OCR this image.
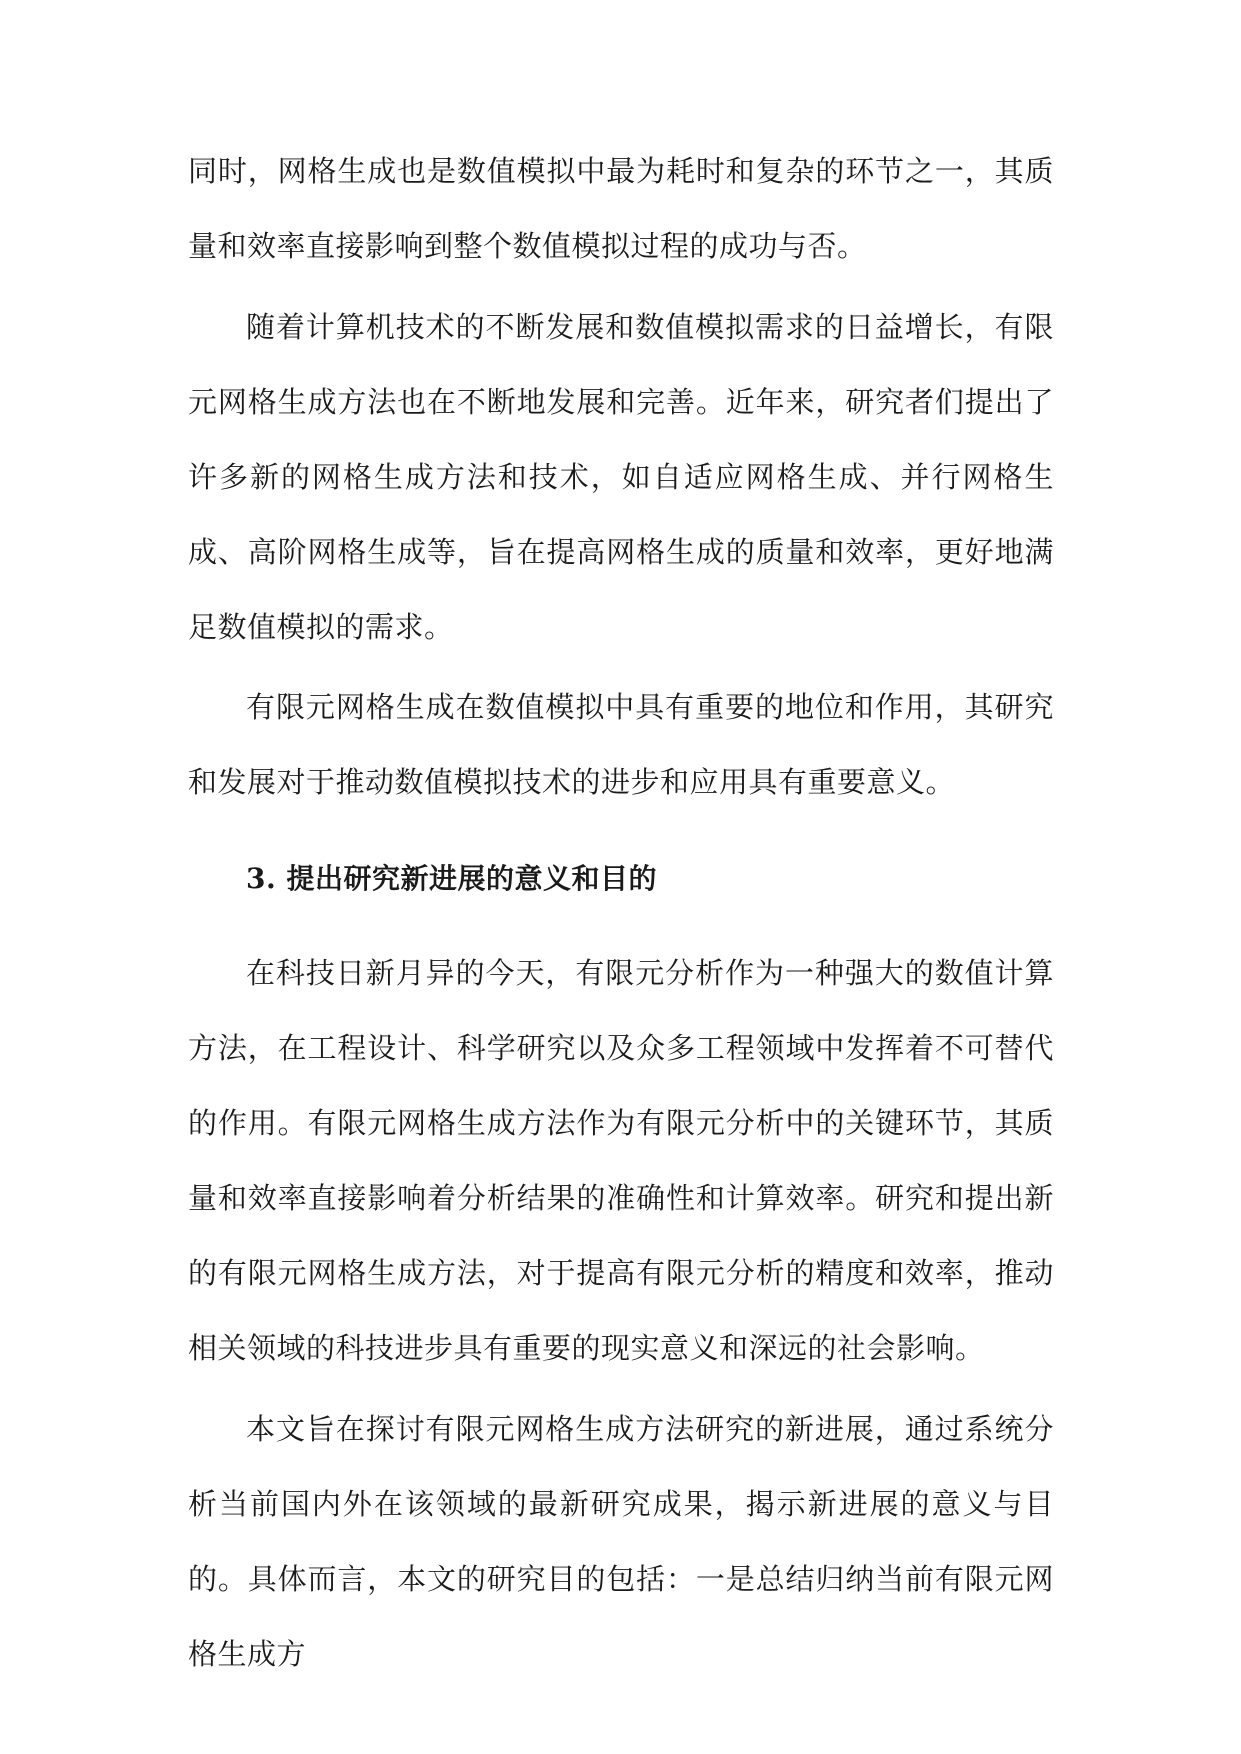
同时，网格生成也是数值模拟中最为耗时和复杂的环节之一，其质量和效率直接影响到整个数值模拟过程的成功与否。

随着计算机技术的不断发展和数值模拟需求的日益增长，有限元网格生成方法也在不断地发展和完善。近年来，研究者们提出了许多新的网格生成方法和技术，如自适应网格生成、并行网格生成、高阶网格生成等，旨在提高网格生成的质量和效率，更好地满足数值模拟的需求。

有限元网格生成在数值模拟中具有重要的地位和作用，其研究和发展对于推动数值模拟技术的进步和应用具有重要意义。

3. 提出研究新进展的意义和目的

在科技日新月异的今天，有限元分析作为一种强大的数值计算方法，在工程设计、科学研究以及众多工程领域中发挥着不可替代的作用。有限元网格生成方法作为有限元分析中的关键环节，其质量和效率直接影响着分析结果的准确性和计算效率。研究和提出新的有限元网格生成方法，对于提高有限元分析的精度和效率，推动相关领域的科技进步具有重要的现实意义和深远的社会影响。

本文旨在探讨有限元网格生成方法研究的新进展，通过系统分析当前国内外在该领域的最新研究成果，揭示新进展的意义与目的。具体而言，本文的研究目的包括：一是总结归纳当前有限元网格生成方
